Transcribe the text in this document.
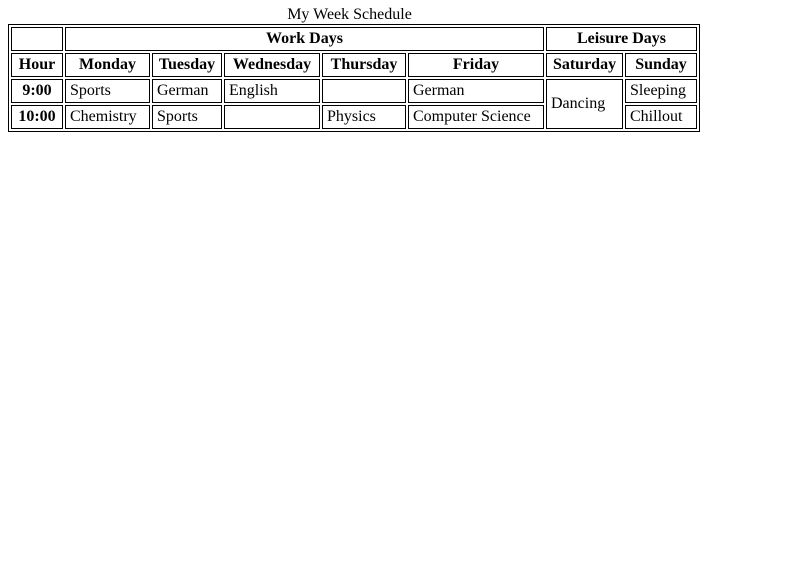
My Week Schedule
	Work Days					Leisure Days	
Hour	Monday	Tuesday	Wednesday	Thursday	Friday	Saturday	Sunday
9:00	Sports	German	English		German	Dancing	Sleeping
10:00	Chemistry	Sports		Physics	Computer Science		Chillout
